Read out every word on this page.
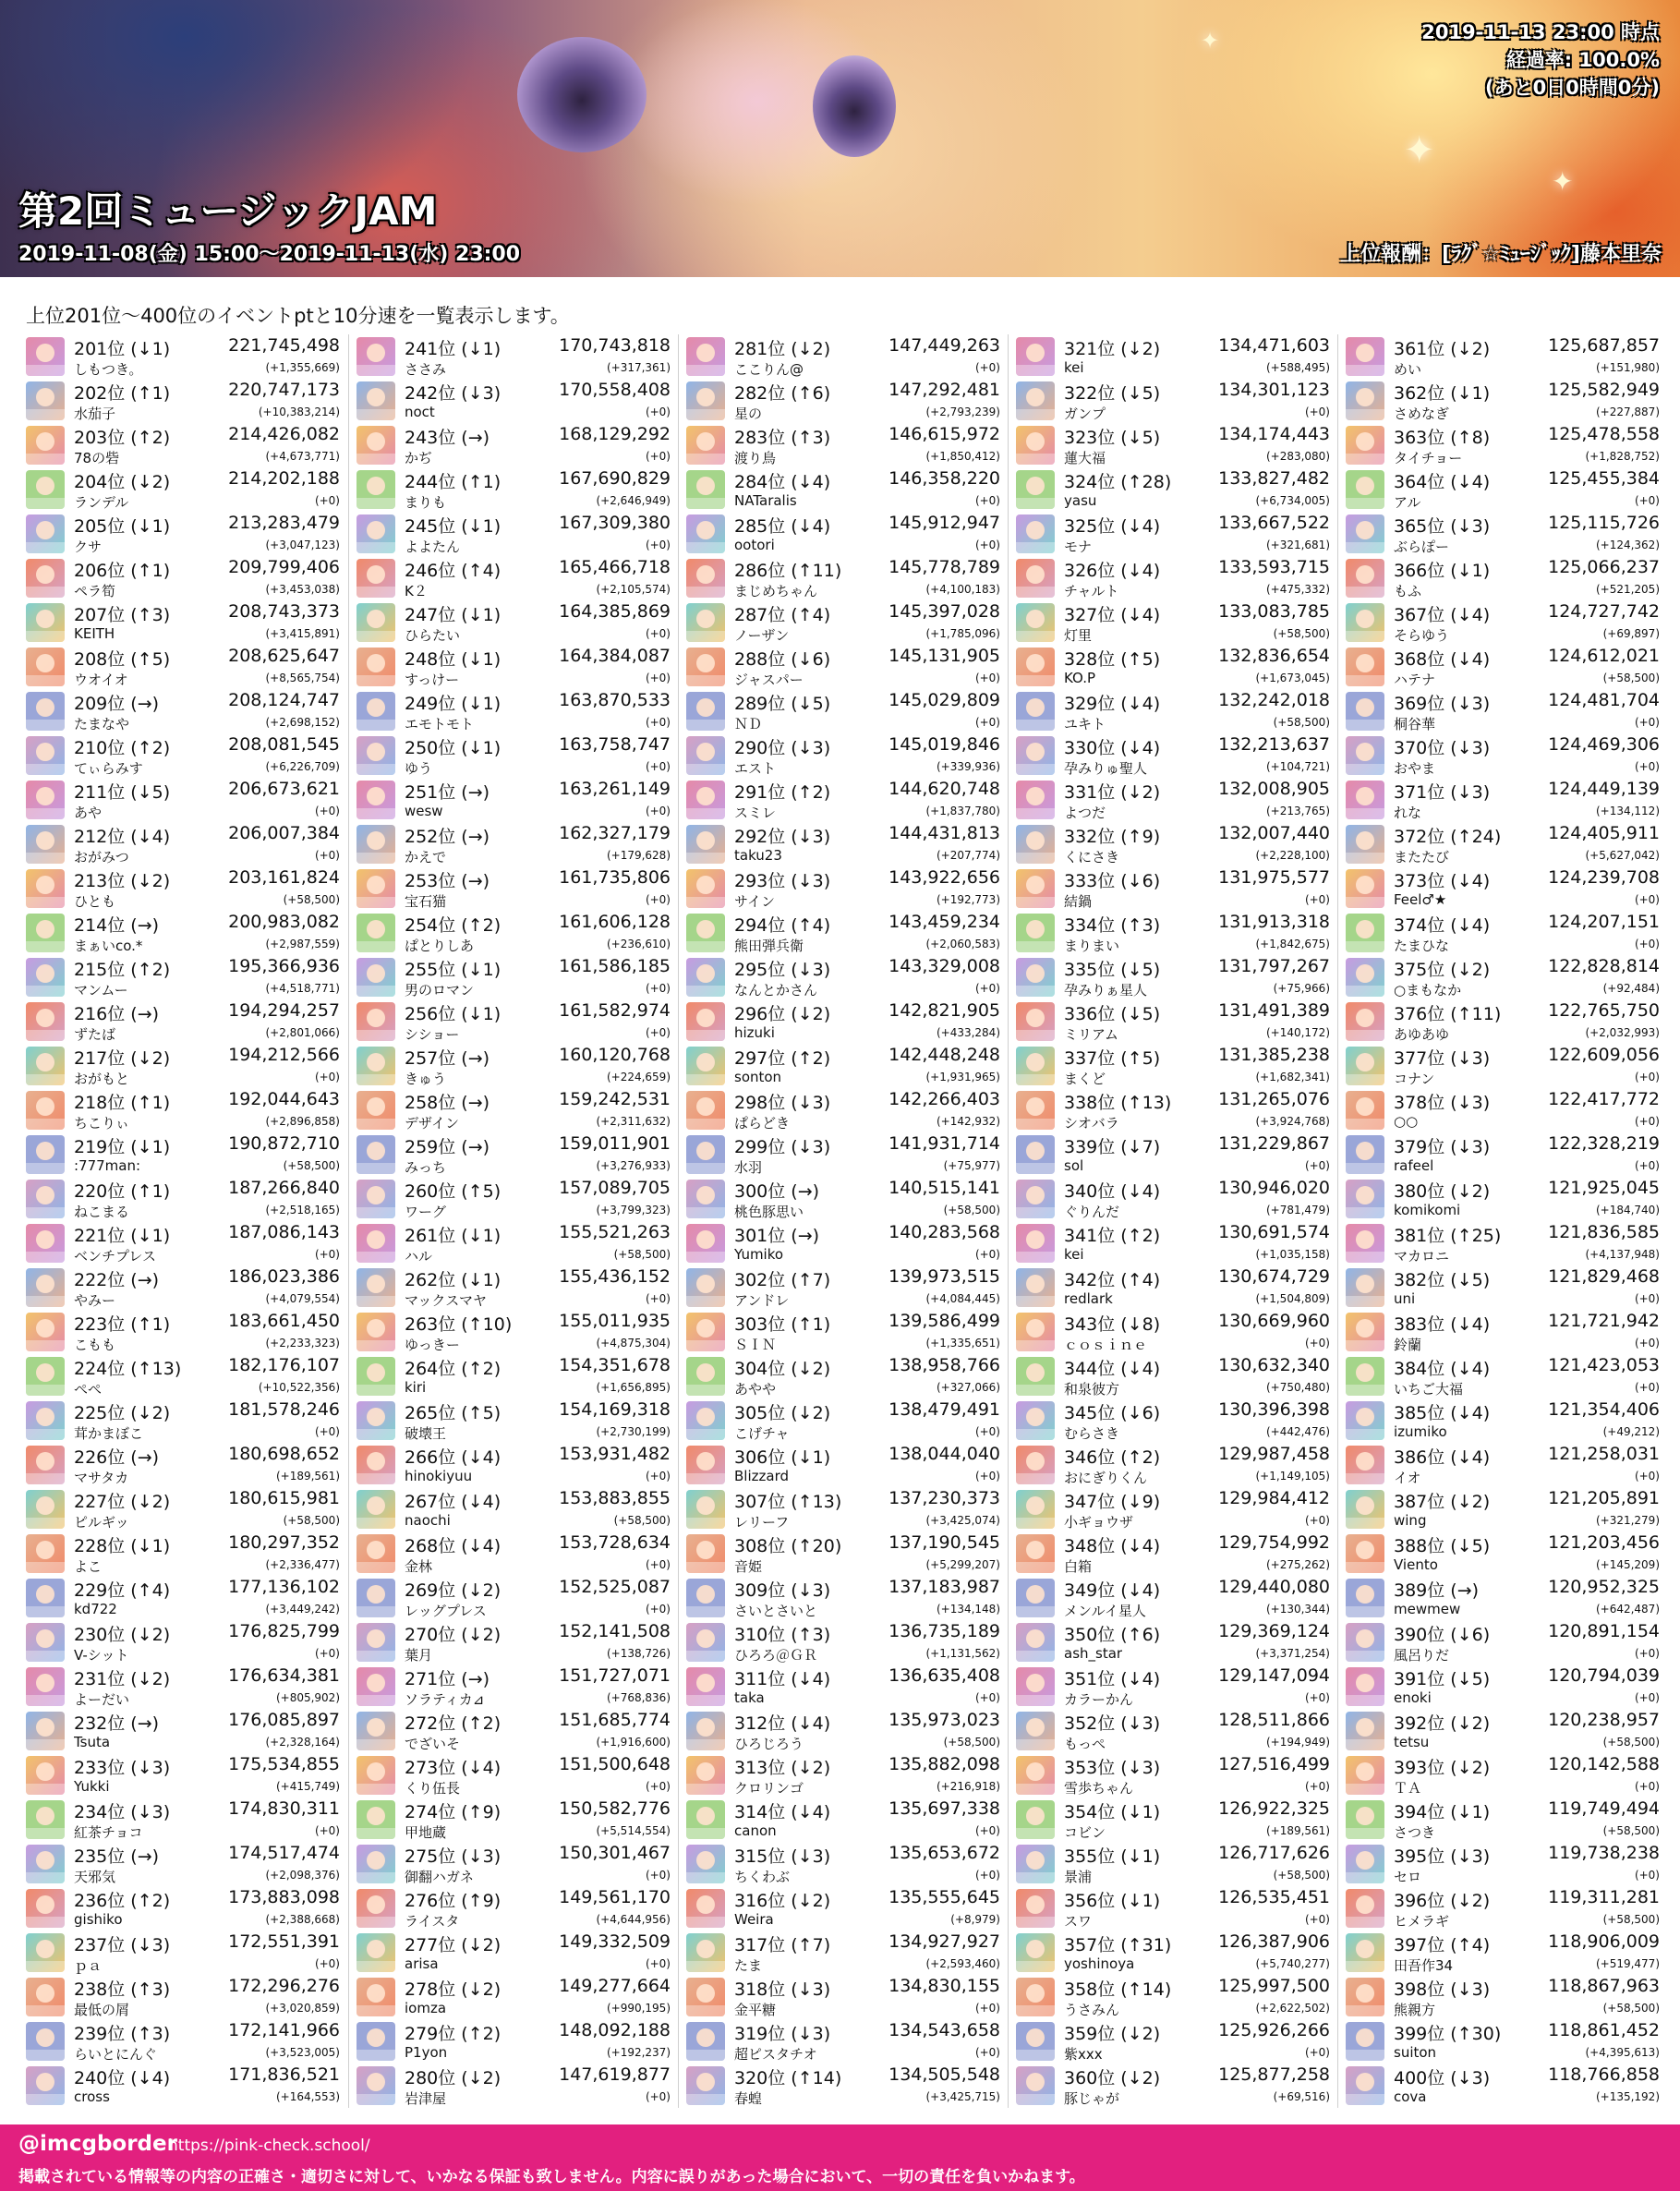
✦
✦
✦
第2回ミュージックJAM
2019-11-08(金) 15:00～2019-11-13(水) 23:00	上位報酬：[ﾗｸﾞ☆ﾐｭｰｼﾞｯｸ]藤本里奈
2019-11-13 23:00 時点
経過率: 100.0%
(あと0日0時間0分)
上位201位～400位のイベントptと10分速を一覧表示します。
201位 (↓1)	221,745,498
しもつき。	(+1,355,669)
202位 (↑1)	220,747,173
水茄子	(+10,383,214)
203位 (↑2)	214,426,082
78の砦	(+4,673,771)
204位 (↓2)	214,202,188
ランデル	(+0)
205位 (↓1)	213,283,479
クサ	(+3,047,123)
206位 (↑1)	209,799,406
ペラ筍	(+3,453,038)
207位 (↑3)	208,743,373
KEITH	(+3,415,891)
208位 (↑5)	208,625,647
ウオイオ	(+8,565,754)
209位 (→)	208,124,747
たまなや	(+2,698,152)
210位 (↑2)	208,081,545
てぃらみす	(+6,226,709)
211位 (↓5)	206,673,621
あや	(+0)
212位 (↓4)	206,007,384
おがみつ	(+0)
213位 (↓2)	203,161,824
ひとも	(+58,500)
214位 (→)	200,983,082
まぁいco.*	(+2,987,559)
215位 (↑2)	195,366,936
マンムー	(+4,518,771)
216位 (→)	194,294,257
ずたば	(+2,801,066)
217位 (↓2)	194,212,566
おがもと	(+0)
218位 (↑1)	192,044,643
ちこりぃ	(+2,896,858)
219位 (↓1)	190,872,710
:777man:	(+58,500)
220位 (↑1)	187,266,840
ねこまる	(+2,518,165)
221位 (↓1)	187,086,143
ベンチプレス	(+0)
222位 (→)	186,023,386
やみー	(+4,079,554)
223位 (↑1)	183,661,450
こもも	(+2,233,323)
224位 (↑13)	182,176,107
ぺぺ	(+10,522,356)
225位 (↓2)	181,578,246
茸かまぼこ	(+0)
226位 (→)	180,698,652
マサタカ	(+189,561)
227位 (↓2)	180,615,981
ピルギッ	(+58,500)
228位 (↓1)	180,297,352
よこ	(+2,336,477)
229位 (↑4)	177,136,102
kd722	(+3,449,242)
230位 (↓2)	176,825,799
V-シット	(+0)
231位 (↓2)	176,634,381
よーだい	(+805,902)
232位 (→)	176,085,897
Tsuta	(+2,328,164)
233位 (↓3)	175,534,855
Yukki	(+415,749)
234位 (↓3)	174,830,311
紅茶チョコ	(+0)
235位 (→)	174,517,474
天邪気	(+2,098,376)
236位 (↑2)	173,883,098
gishiko	(+2,388,668)
237位 (↓3)	172,551,391
ｐａ	(+0)
238位 (↑3)	172,296,276
最低の屑	(+3,020,859)
239位 (↑3)	172,141,966
らいとにんぐ	(+3,523,005)
240位 (↓4)	171,836,521
cross	(+164,553)
241位 (↓1)	170,743,818
ささみ	(+317,361)
242位 (↓3)	170,558,408
noct	(+0)
243位 (→)	168,129,292
かぢ	(+0)
244位 (↑1)	167,690,829
まりも	(+2,646,949)
245位 (↓1)	167,309,380
よよたん	(+0)
246位 (↑4)	165,466,718
K２	(+2,105,574)
247位 (↓1)	164,385,869
ひらたい	(+0)
248位 (↓1)	164,384,087
すっけー	(+0)
249位 (↓1)	163,870,533
エモトモト	(+0)
250位 (↓1)	163,758,747
ゆう	(+0)
251位 (→)	163,261,149
wesw	(+0)
252位 (→)	162,327,179
かえで	(+179,628)
253位 (→)	161,735,806
宝石猫	(+0)
254位 (↑2)	161,606,128
ぱとりしあ	(+236,610)
255位 (↓1)	161,586,185
男のロマン	(+0)
256位 (↓1)	161,582,974
シショー	(+0)
257位 (→)	160,120,768
きゅう	(+224,659)
258位 (→)	159,242,531
デザイン	(+2,311,632)
259位 (→)	159,011,901
みっち	(+3,276,933)
260位 (↑5)	157,089,705
ワーグ	(+3,799,323)
261位 (↓1)	155,521,263
ハル	(+58,500)
262位 (↓1)	155,436,152
マックスマヤ	(+0)
263位 (↑10)	155,011,935
ゆっきー	(+4,875,304)
264位 (↑2)	154,351,678
kiri	(+1,656,895)
265位 (↑5)	154,169,318
破壊王	(+2,730,199)
266位 (↓4)	153,931,482
hinokiyuu	(+0)
267位 (↓4)	153,883,855
naochi	(+58,500)
268位 (↓4)	153,728,634
金林	(+0)
269位 (↓2)	152,525,087
レッグプレス	(+0)
270位 (↓2)	152,141,508
葉月	(+138,726)
271位 (→)	151,727,071
ソラティカ⊿	(+768,836)
272位 (↑2)	151,685,774
でざいそ	(+1,916,600)
273位 (↓4)	151,500,648
くり伍長	(+0)
274位 (↑9)	150,582,776
甲地蔵	(+5,514,554)
275位 (↓3)	150,301,467
御翻ハガネ	(+0)
276位 (↑9)	149,561,170
ライスタ	(+4,644,956)
277位 (↓2)	149,332,509
arisa	(+0)
278位 (↓2)	149,277,664
iomza	(+990,195)
279位 (↑2)	148,092,188
P1yon	(+192,237)
280位 (↓2)	147,619,877
岩津屋	(+0)
281位 (↓2)	147,449,263
ここりん@	(+0)
282位 (↑6)	147,292,481
星の	(+2,793,239)
283位 (↑3)	146,615,972
渡り鳥	(+1,850,412)
284位 (↓4)	146,358,220
NATaralis	(+0)
285位 (↓4)	145,912,947
ootori	(+0)
286位 (↑11)	145,778,789
まじめちゃん	(+4,100,183)
287位 (↑4)	145,397,028
ノーザン	(+1,785,096)
288位 (↓6)	145,131,905
ジャスパー	(+0)
289位 (↓5)	145,029,809
ＮＤ	(+0)
290位 (↓3)	145,019,846
エスト	(+339,936)
291位 (↑2)	144,620,748
スミレ	(+1,837,780)
292位 (↓3)	144,431,813
taku23	(+207,774)
293位 (↓3)	143,922,656
サイン	(+192,773)
294位 (↑4)	143,459,234
熊田弾兵衛	(+2,060,583)
295位 (↓3)	143,329,008
なんとかさん	(+0)
296位 (↓2)	142,821,905
hizuki	(+433,284)
297位 (↑2)	142,448,248
sonton	(+1,931,965)
298位 (↓3)	142,266,403
ぱらどき	(+142,932)
299位 (↓3)	141,931,714
水羽	(+75,977)
300位 (→)	140,515,141
桃色豚思い	(+58,500)
301位 (→)	140,283,568
Yumiko	(+0)
302位 (↑7)	139,973,515
アンドレ	(+4,084,445)
303位 (↑1)	139,586,499
ＳＩＮ	(+1,335,651)
304位 (↓2)	138,958,766
あやや	(+327,066)
305位 (↓2)	138,479,491
こげチャ	(+0)
306位 (↓1)	138,044,040
Blizzard	(+0)
307位 (↑13)	137,230,373
レリーフ	(+3,425,074)
308位 (↑20)	137,190,545
音姫	(+5,299,207)
309位 (↓3)	137,183,987
さいとさいと	(+134,148)
310位 (↑3)	136,735,189
ひろろ＠ＧＲ	(+1,131,562)
311位 (↓4)	136,635,408
taka	(+0)
312位 (↓4)	135,973,023
ひろじろう	(+58,500)
313位 (↓2)	135,882,098
クロリンゴ	(+216,918)
314位 (↓4)	135,697,338
canon	(+0)
315位 (↓3)	135,653,672
ちくわぶ	(+0)
316位 (↓2)	135,555,645
Weira	(+8,979)
317位 (↑7)	134,927,927
たま	(+2,593,460)
318位 (↓3)	134,830,155
金平糖	(+0)
319位 (↓3)	134,543,658
超ピスタチオ	(+0)
320位 (↑14)	134,505,548
春蝗	(+3,425,715)
321位 (↓2)	134,471,603
kei	(+588,495)
322位 (↓5)	134,301,123
ガンプ	(+0)
323位 (↓5)	134,174,443
蓮大福	(+283,080)
324位 (↑28)	133,827,482
yasu	(+6,734,005)
325位 (↓4)	133,667,522
モナ	(+321,681)
326位 (↓4)	133,593,715
チャルト	(+475,332)
327位 (↓4)	133,083,785
灯里	(+58,500)
328位 (↑5)	132,836,654
KO.P	(+1,673,045)
329位 (↓4)	132,242,018
ユキト	(+58,500)
330位 (↓4)	132,213,637
孕みりゅ聖人	(+104,721)
331位 (↓2)	132,008,905
よつだ	(+213,765)
332位 (↑9)	132,007,440
くにさき	(+2,228,100)
333位 (↓6)	131,975,577
結鍋	(+0)
334位 (↑3)	131,913,318
まりまい	(+1,842,675)
335位 (↓5)	131,797,267
孕みりぁ星人	(+75,966)
336位 (↓5)	131,491,389
ミリアム	(+140,172)
337位 (↑5)	131,385,238
まくど	(+1,682,341)
338位 (↑13)	131,265,076
シオバラ	(+3,924,768)
339位 (↓7)	131,229,867
sol	(+0)
340位 (↓4)	130,946,020
ぐりんだ	(+781,479)
341位 (↑2)	130,691,574
kei	(+1,035,158)
342位 (↑4)	130,674,729
redlark	(+1,504,809)
343位 (↓8)	130,669,960
ｃｏｓｉｎｅ	(+0)
344位 (↓4)	130,632,340
和泉彼方	(+750,480)
345位 (↓6)	130,396,398
むらさき	(+442,476)
346位 (↑2)	129,987,458
おにぎりくん	(+1,149,105)
347位 (↓9)	129,984,412
小ギョウザ	(+0)
348位 (↓4)	129,754,992
白箱	(+275,262)
349位 (↓4)	129,440,080
メンルイ星人	(+130,344)
350位 (↑6)	129,369,124
ash_star	(+3,371,254)
351位 (↓4)	129,147,094
カラーかん	(+0)
352位 (↓3)	128,511,866
もっぺ	(+194,949)
353位 (↓3)	127,516,499
雪歩ちゃん	(+0)
354位 (↓1)	126,922,325
コビン	(+189,561)
355位 (↓1)	126,717,626
景浦	(+58,500)
356位 (↓1)	126,535,451
スワ	(+0)
357位 (↑31)	126,387,906
yoshinoya	(+5,740,277)
358位 (↑14)	125,997,500
うさみん	(+2,622,502)
359位 (↓2)	125,926,266
紫xxx	(+0)
360位 (↓2)	125,877,258
豚じゃが	(+69,516)
361位 (↓2)	125,687,857
めい	(+151,980)
362位 (↓1)	125,582,949
さめなぎ	(+227,887)
363位 (↑8)	125,478,558
タイチョー	(+1,828,752)
364位 (↓4)	125,455,384
アル	(+0)
365位 (↓3)	125,115,726
ぶらぽー	(+124,362)
366位 (↓1)	125,066,237
もふ	(+521,205)
367位 (↓4)	124,727,742
そらゆう	(+69,897)
368位 (↓4)	124,612,021
ハテナ	(+58,500)
369位 (↓3)	124,481,704
桐谷華	(+0)
370位 (↓3)	124,469,306
おやま	(+0)
371位 (↓3)	124,449,139
れな	(+134,112)
372位 (↑24)	124,405,911
またたび	(+5,627,042)
373位 (↓4)	124,239,708
Feel♂★	(+0)
374位 (↓4)	124,207,151
たまひな	(+0)
375位 (↓2)	122,828,814
○まもなか	(+92,484)
376位 (↑11)	122,765,750
あゆあゆ	(+2,032,993)
377位 (↓3)	122,609,056
コナン	(+0)
378位 (↓3)	122,417,772
○○	(+0)
379位 (↓3)	122,328,219
rafeel	(+0)
380位 (↓2)	121,925,045
komikomi	(+184,740)
381位 (↑25)	121,836,585
マカロニ	(+4,137,948)
382位 (↓5)	121,829,468
uni	(+0)
383位 (↓4)	121,721,942
鈴蘭	(+0)
384位 (↓4)	121,423,053
いちご大福	(+0)
385位 (↓4)	121,354,406
izumiko	(+49,212)
386位 (↓4)	121,258,031
イオ	(+0)
387位 (↓2)	121,205,891
wing	(+321,279)
388位 (↓5)	121,203,456
Viento	(+145,209)
389位 (→)	120,952,325
mewmew	(+642,487)
390位 (↓6)	120,891,154
風呂りだ	(+0)
391位 (↓5)	120,794,039
enoki	(+0)
392位 (↓2)	120,238,957
tetsu	(+58,500)
393位 (↓2)	120,142,588
ＴＡ	(+0)
394位 (↓1)	119,749,494
さつき	(+58,500)
395位 (↓3)	119,738,238
セロ	(+0)
396位 (↓2)	119,311,281
ヒメラギ	(+58,500)
397位 (↑4)	118,906,009
田吾作34	(+519,477)
398位 (↓3)	118,867,963
熊親方	(+58,500)
399位 (↑30)	118,861,452
suiton	(+4,395,613)
400位 (↓3)	118,766,858
cova	(+135,192)
@imcgborder
https://pink-check.school/
掲載されている情報等の内容の正確さ・適切さに対して、いかなる保証も致しません。内容に誤りがあった場合において、一切の責任を負いかねます。
